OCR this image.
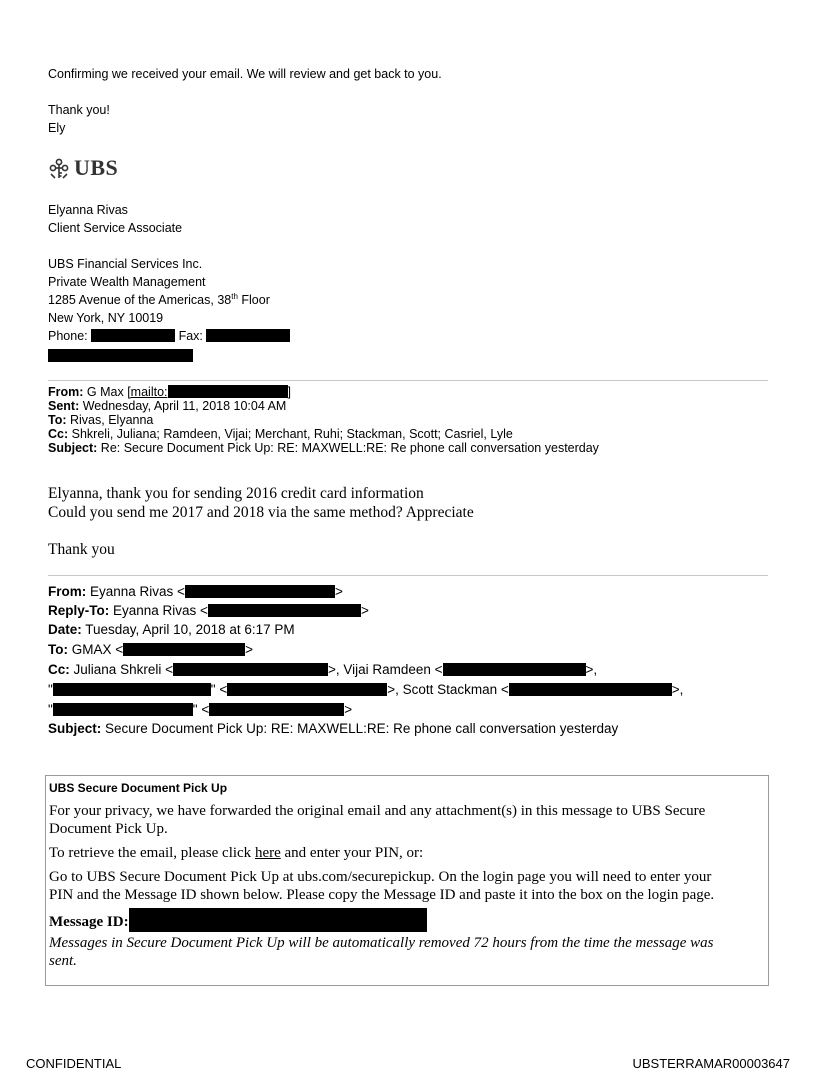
Confirming we received your email. We will review and get back to you.
Thank you!
Ely
UBS
Elyanna Rivas
Client Service Associate
UBS Financial Services Inc.
Private Wealth Management
1285 Avenue of the Americas, 38th Floor
New York, NY 10019
Phone:	Fax:
From: G Max [mailto:	]
Sent: Wednesday, April 11, 2018 10:04 AM
To: Rivas, Elyanna
Cc: Shkreli, Juliana; Ramdeen, Vijai; Merchant, Ruhi; Stackman, Scott; Casriel, Lyle
Subject: Re: Secure Document Pick Up: RE: MAXWELL:RE: Re phone call conversation yesterday
Elyanna, thank you for sending 2016 credit card information
Could you send me 2017 and 2018 via the same method? Appreciate
Thank you
From: Eyanna Rivas <	>
Reply-To: Eyanna Rivas <	>
Date: Tuesday, April 10, 2018 at 6:17 PM
To: GMAX <	>
Cc: Juliana Shkreli <	>, Vijai Ramdeen <	>,
"	" <	>, Scott Stackman <	>,
"	" <	>
Subject: Secure Document Pick Up: RE: MAXWELL:RE: Re phone call conversation yesterday

UBS Secure Document Pick Up

For your privacy, we have forwarded the original email and any attachment(s) in this message to UBS Secure

Document Pick Up.

To retrieve the email, please click here and enter your PIN, or:

Go to UBS Secure Document Pick Up at ubs.com/securepickup. On the login page you will need to enter your

PIN and the Message ID shown below. Please copy the Message ID and paste it into the box on the login page.

Message ID:

Messages in Secure Document Pick Up will be automatically removed 72 hours from the time the message was

sent.

CONFIDENTIAL	UBSTERRAMAR00003647
